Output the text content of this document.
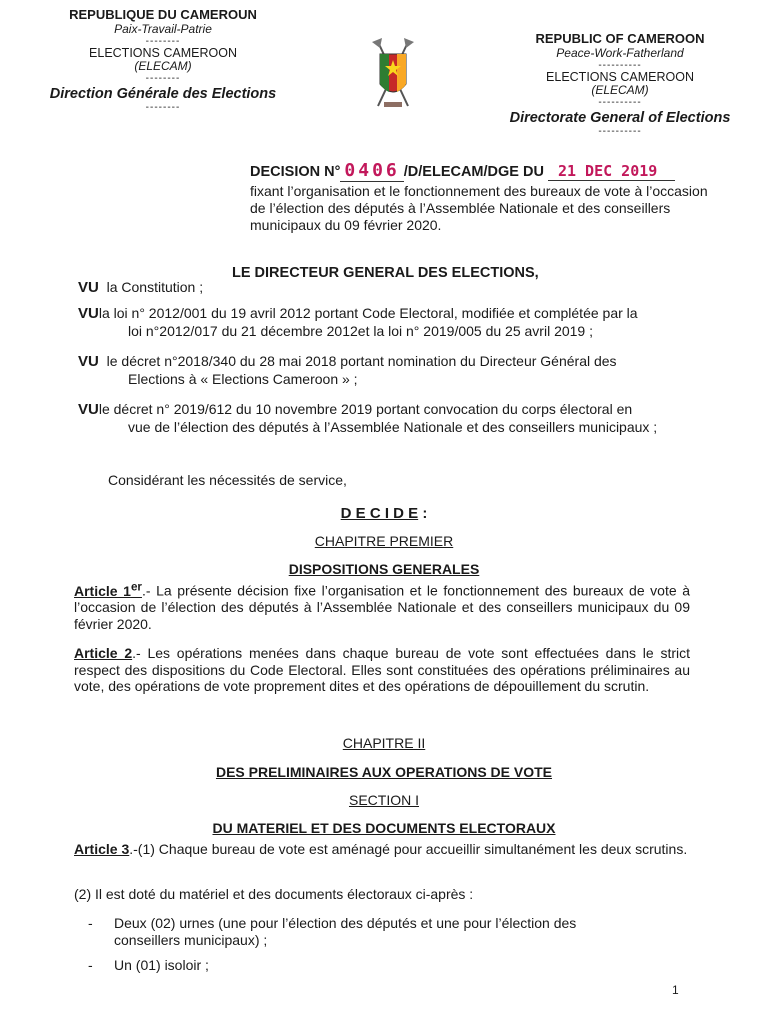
REPUBLIQUE DU CAMEROUN
Paix-Travail-Patrie
--------
ELECTIONS CAMEROON
(ELECAM)
--------
Direction Générale des Elections
--------
REPUBLIC OF CAMEROON
Peace-Work-Fatherland
----------
ELECTIONS CAMEROON
(ELECAM)
----------
Directorate General of Elections
----------
DECISION N° 0406 /D/ELECAM/DGE DU 21 DEC 2019
fixant l’organisation et le fonctionnement des bureaux de vote à l’occasion de l’élection des députés à l’Assemblée Nationale et des conseillers municipaux du 09 février 2020.
LE DIRECTEUR GENERAL DES ELECTIONS,
VU la Constitution ;
VUla loi n° 2012/001 du 19 avril 2012 portant Code Electoral, modifiée et complétée par la
loi n°2012/017 du 21 décembre 2012et la loi n° 2019/005 du 25 avril 2019 ;
VU le décret n°2018/340 du 28 mai 2018 portant nomination du Directeur Général des
Elections à « Elections Cameroon » ;
VUle décret n° 2019/612 du 10 novembre 2019 portant convocation du corps électoral en
vue de l’élection des députés à l’Assemblée Nationale et des conseillers municipaux ;
Considérant les nécessités de service,
D E C I D E :
CHAPITRE PREMIER
DISPOSITIONS GENERALES
Article 1er.- La présente décision fixe l’organisation et le fonctionnement des bureaux de vote à l’occasion de l’élection des députés à l’Assemblée Nationale et des conseillers municipaux du 09 février 2020.
Article 2.- Les opérations menées dans chaque bureau de vote sont effectuées dans le strict respect des dispositions du Code Electoral. Elles sont constituées des opérations préliminaires au vote, des opérations de vote proprement dites et des opérations de dépouillement du scrutin.
CHAPITRE II
DES PRELIMINAIRES AUX OPERATIONS DE VOTE
SECTION I
DU MATERIEL ET DES DOCUMENTS ELECTORAUX
Article 3.-(1) Chaque bureau de vote est aménagé pour accueillir simultanément les deux scrutins.
(2) Il est doté du matériel et des documents électoraux ci-après :
- Deux (02) urnes (une pour l’élection des députés et une pour l’élection des
conseillers municipaux) ;
- Un (01) isoloir ;
1
